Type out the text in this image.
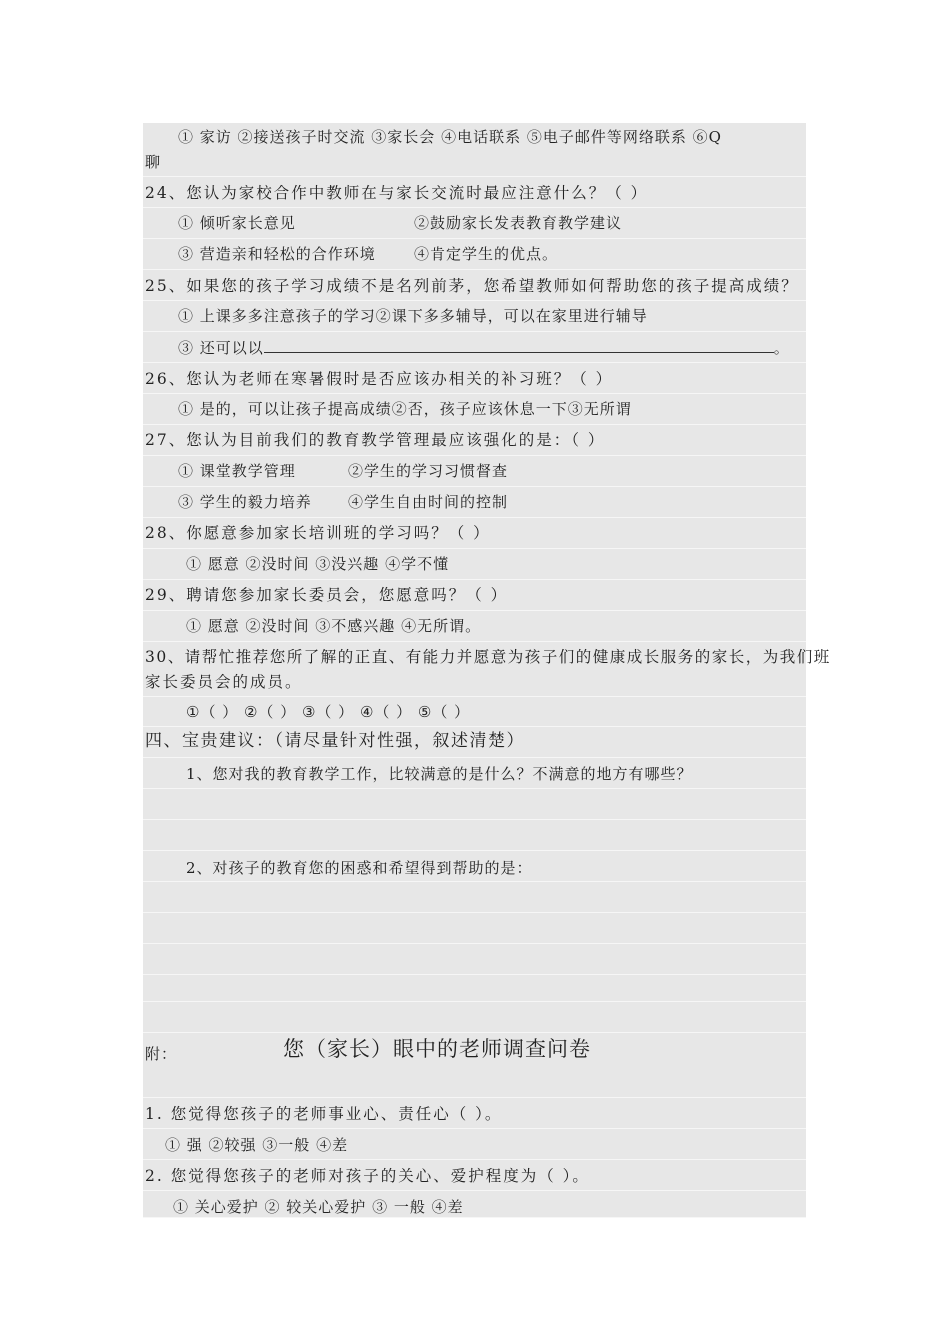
① 家访 ②接送孩子时交流 ③家长会 ④电话联系 ⑤电子邮件等网络联系 ⑥Q
聊
24、您认为家校合作中教师在与家长交流时最应注意什么？（ ）
① 倾听家长意见	②鼓励家长发表教育教学建议
③ 营造亲和轻松的合作环境	④肯定学生的优点。
25、如果您的孩子学习成绩不是名列前茅，您希望教师如何帮助您的孩子提高成绩？
① 上课多多注意孩子的学习②课下多多辅导，可以在家里进行辅导
③ 还可以以	。
26、您认为老师在寒暑假时是否应该办相关的补习班？（ ）
① 是的，可以让孩子提高成绩②否，孩子应该休息一下③无所谓
27、您认为目前我们的教育教学管理最应该强化的是：（ ）
① 课堂教学管理	②学生的学习习惯督查
③ 学生的毅力培养 ④学生自由时间的控制
28、你愿意参加家长培训班的学习吗？（ ）
① 愿意 ②没时间 ③没兴趣 ④学不懂
29、聘请您参加家长委员会，您愿意吗？（ ）
① 愿意 ②没时间 ③不感兴趣 ④无所谓。
30、请帮忙推荐您所了解的正直、有能力并愿意为孩子们的健康成长服务的家长，为我们班
家长委员会的成员。
①（ ） ②（ ） ③（ ） ④（ ） ⑤（ ）
四、宝贵建议：（请尽量针对性强，叙述清楚）
1、您对我的教育教学工作，比较满意的是什么？不满意的地方有哪些？
2、对孩子的教育您的困惑和希望得到帮助的是：
附：	您（家长）眼中的老师调查问卷
1. 您觉得您孩子的老师事业心、责任心（ ）。
① 强 ②较强 ③一般 ④差
2. 您觉得您孩子的老师对孩子的关心、爱护程度为（ ）。
① 关心爱护 ② 较关心爱护 ③ 一般 ④差
